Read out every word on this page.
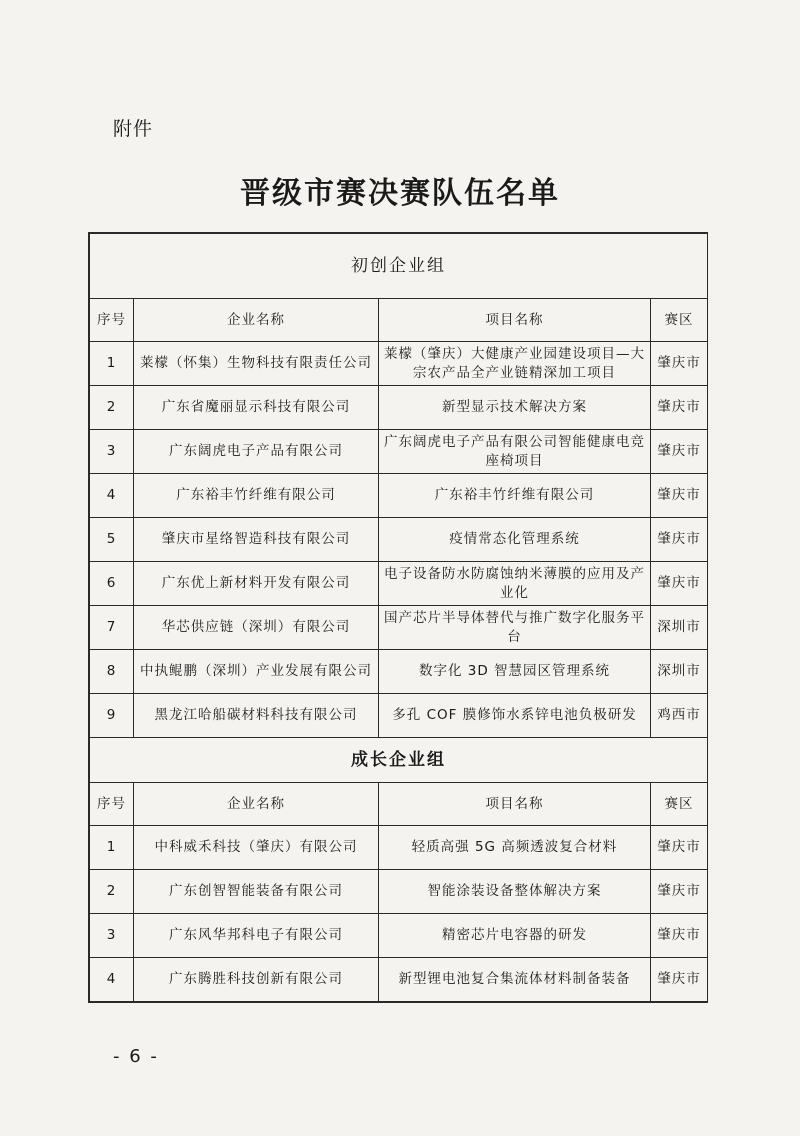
附件
晋级市赛决赛队伍名单
初创企业组			
序号	企业名称	项目名称	赛区
1	莱檬（怀集）生物科技有限责任公司	莱檬（肇庆）大健康产业园建设项目—大宗农产品全产业链精深加工项目	肇庆市
2	广东省魔丽显示科技有限公司	新型显示技术解决方案	肇庆市
3	广东阔虎电子产品有限公司	广东阔虎电子产品有限公司智能健康电竞座椅项目	肇庆市
4	广东裕丰竹纤维有限公司	广东裕丰竹纤维有限公司	肇庆市
5	肇庆市星络智造科技有限公司	疫情常态化管理系统	肇庆市
6	广东优上新材料开发有限公司	电子设备防水防腐蚀纳米薄膜的应用及产业化	肇庆市
7	华芯供应链（深圳）有限公司	国产芯片半导体替代与推广数字化服务平台	深圳市
8	中执鲲鹏（深圳）产业发展有限公司	数字化 3D 智慧园区管理系统	深圳市
9	黑龙江哈船碳材料科技有限公司	多孔 COF 膜修饰水系锌电池负极研发	鸡西市
成长企业组			
序号	企业名称	项目名称	赛区
1	中科威禾科技（肇庆）有限公司	轻质高强 5G 高频透波复合材料	肇庆市
2	广东创智智能装备有限公司	智能涂装设备整体解决方案	肇庆市
3	广东风华邦科电子有限公司	精密芯片电容器的研发	肇庆市
4	广东腾胜科技创新有限公司	新型锂电池复合集流体材料制备装备	肇庆市
- 6 -
